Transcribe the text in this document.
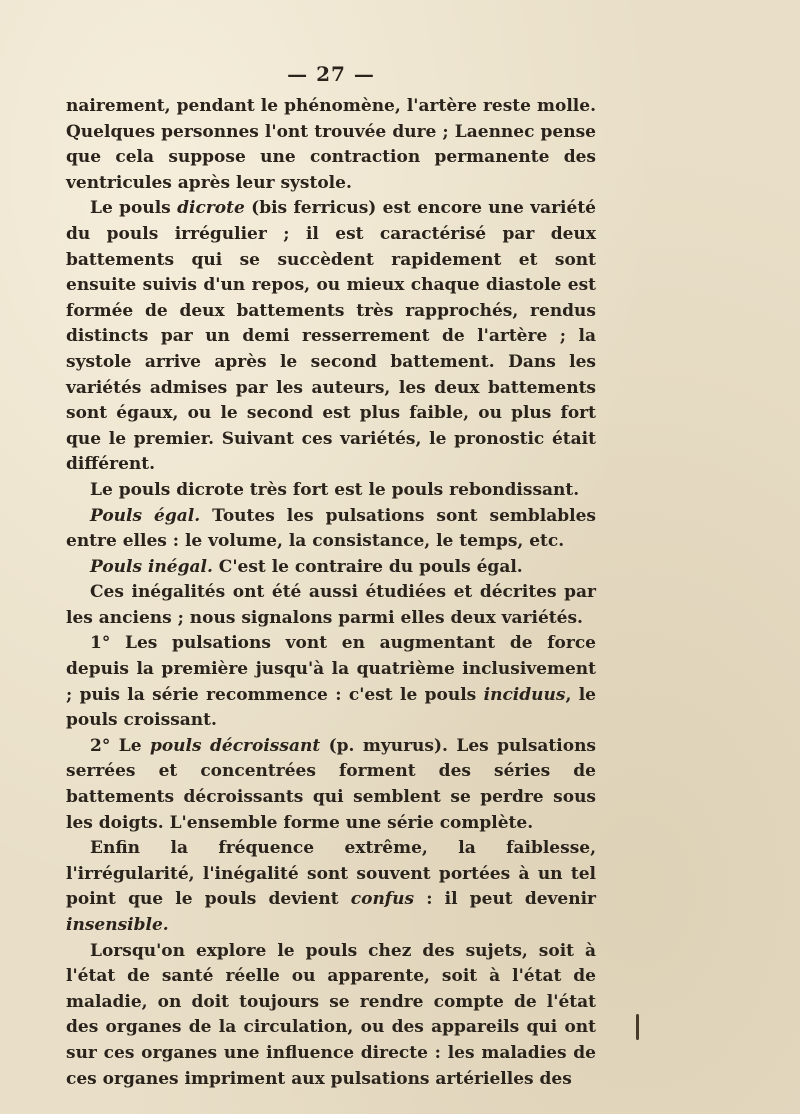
— 27 —

nairement, pendant le phénomène, l'artère reste molle. Quelques personnes l'ont trouvée dure ; Laennec pense que cela suppose une contraction permanente des ventricules après leur systole.

Le pouls dicrote (bis ferricus) est encore une variété du pouls irrégulier ; il est caractérisé par deux battements qui se succèdent rapidement et sont ensuite suivis d'un repos, ou mieux chaque diastole est formée de deux battements très rapprochés, rendus distincts par un demi resserrement de l'artère ; la systole arrive après le second battement. Dans les variétés admises par les auteurs, les deux battements sont égaux, ou le second est plus faible, ou plus fort que le premier. Suivant ces variétés, le pronostic était différent.

Le pouls dicrote très fort est le pouls rebondissant.

Pouls égal. Toutes les pulsations sont semblables entre elles : le volume, la consistance, le temps, etc.

Pouls inégal. C'est le contraire du pouls égal.

Ces inégalités ont été aussi étudiées et décrites par les anciens ; nous signalons parmi elles deux variétés.

1° Les pulsations vont en augmentant de force depuis la première jusqu'à la quatrième inclusivement ; puis la série recommence : c'est le pouls inciduus, le pouls croissant.

2° Le pouls décroissant (p. myurus). Les pulsations serrées et concentrées forment des séries de battements décroissants qui semblent se perdre sous les doigts. L'ensemble forme une série complète.

Enfin la fréquence extrême, la faiblesse, l'irrégularité, l'inégalité sont souvent portées à un tel point que le pouls devient confus : il peut devenir insensible.

Lorsqu'on explore le pouls chez des sujets, soit à l'état de santé réelle ou apparente, soit à l'état de maladie, on doit toujours se rendre compte de l'état des organes de la circulation, ou des appareils qui ont sur ces organes une influence directe : les maladies de ces organes impriment aux pulsations artérielles des
